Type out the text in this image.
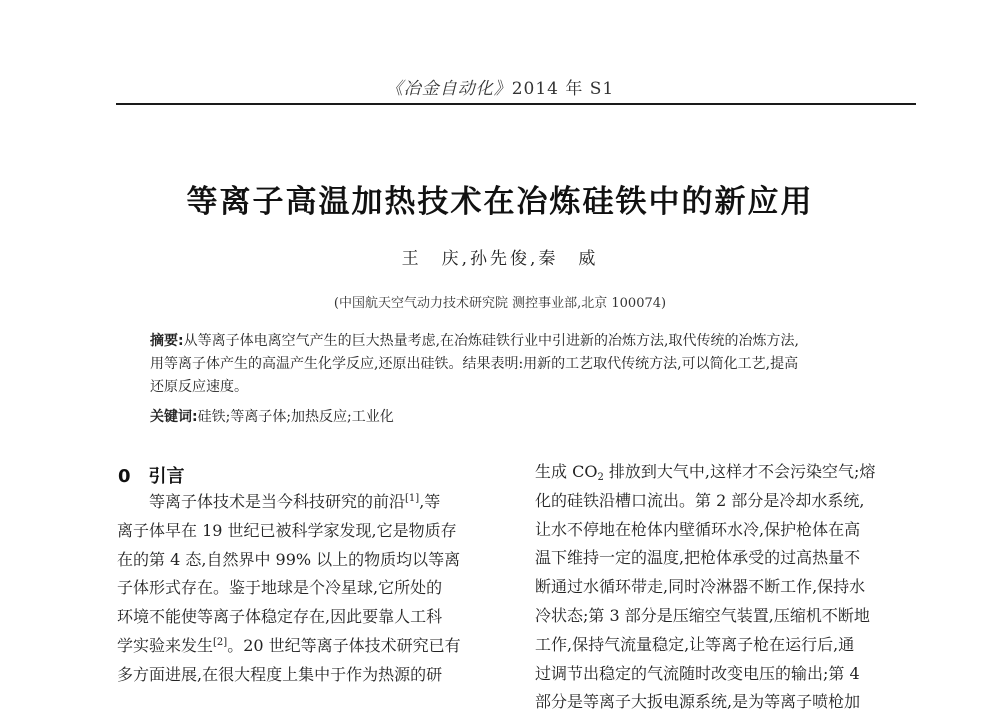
《冶金自动化》2014 年 S1
等离子高温加热技术在冶炼硅铁中的新应用
王　庆,孙先俊,秦　威
(中国航天空气动力技术研究院 测控事业部,北京 100074)
摘要:从等离子体电离空气产生的巨大热量考虑,在冶炼硅铁行业中引进新的冶炼方法,取代传统的冶炼方法,
用等离子体产生的高温产生化学反应,还原出硅铁。结果表明:用新的工艺取代传统方法,可以简化工艺,提高
还原反应速度。
关键词:硅铁;等离子体;加热反应;工业化
0 引言
等离子体技术是当今科技研究的前沿[1],等
离子体早在 19 世纪已被科学家发现,它是物质存
在的第 4 态,自然界中 99% 以上的物质均以等离
子体形式存在。鉴于地球是个冷星球,它所处的
环境不能使等离子体稳定存在,因此要靠人工科
学实验来发生[2]。20 世纪等离子体技术研究已有
多方面进展,在很大程度上集中于作为热源的研
生成 $CO_2$ 排放到大气中,这样才不会污染空气;熔
化的硅铁沿槽口流出。第 2 部分是冷却水系统,
让水不停地在枪体内壁循环水冷,保护枪体在高
温下维持一定的温度,把枪体承受的过高热量不
断通过水循环带走,同时冷淋器不断工作,保持水
冷状态;第 3 部分是压缩空气装置,压缩机不断地
工作,保持气流量稳定,让等离子枪在运行后,通
过调节出稳定的气流随时改变电压的输出;第 4
部分是等离子大扳电源系统,是为等离子喷枪加
